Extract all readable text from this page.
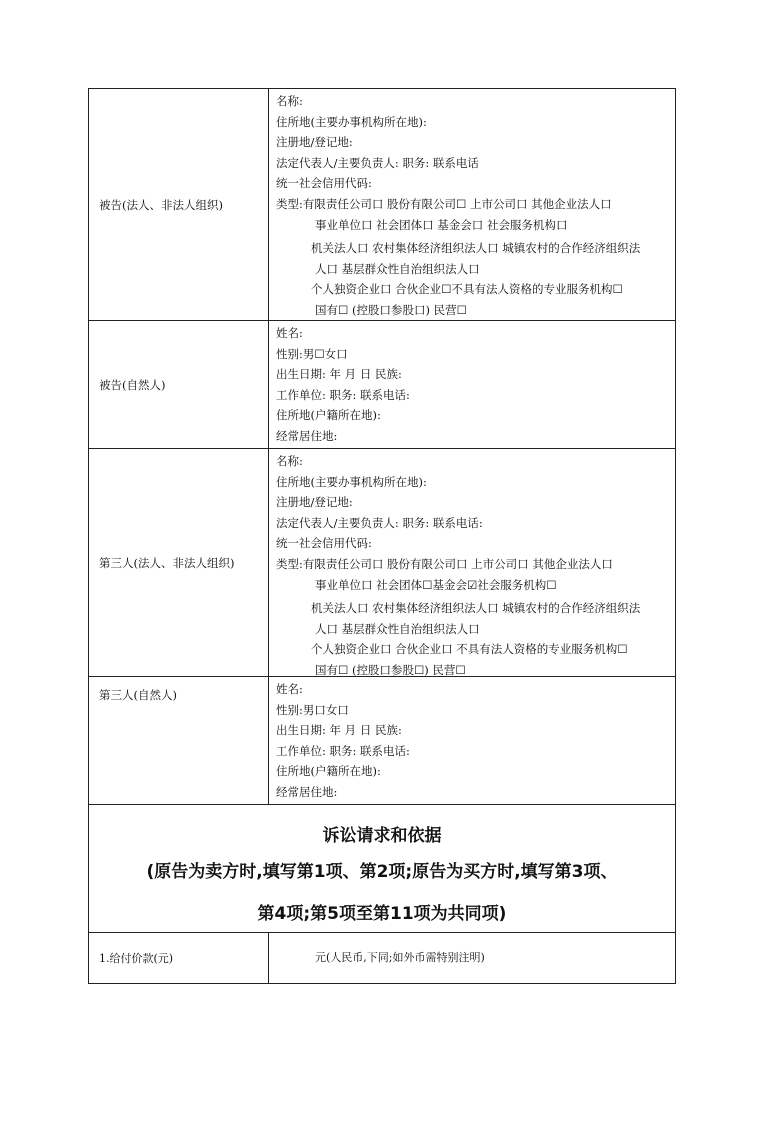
被告(法人、非法人组织)
名称:
住所地(主要办事机构所在地):
注册地/登记地:
法定代表人/主要负责人: 职务: 联系电话
统一社会信用代码:
类型:有限责任公司口 股份有限公司☐ 上市公司口 其他企业法人口
事业单位口 社会团体口 基金会口 社会服务机构口
机关法人口 农村集体经济组织法人口 城镇农村的合作经济组织法
人口 基层群众性自治组织法人口
个人独资企业口 合伙企业☐不具有法人资格的专业服务机构☐
国有☐ (控股口参股口) 民营☐
被告(自然人)
姓名:
性别:男☐女口
出生日期: 年 月 日 民族:
工作单位: 职务: 联系电话:
住所地(户籍所在地):
经常居住地:
第三人(法人、非法人组织)
名称:
住所地(主要办事机构所在地):
注册地/登记地:
法定代表人/主要负责人: 职务: 联系电话:
统一社会信用代码:
类型:有限责任公司口 股份有限公司口 上市公司口 其他企业法人口
事业单位口 社会团体☐基金会☑社会服务机构☐
机关法人口 农村集体经济组织法人口 城镇农村的合作经济组织法
人口 基层群众性自治组织法人口
个人独资企业口 合伙企业口 不具有法人资格的专业服务机构☐
国有☐ (控股口参股☐) 民营☐
第三人(自然人)	姓名:
性别:男口女口
出生日期: 年 月 日 民族:
工作单位: 职务: 联系电话:
住所地(户籍所在地):
经常居住地:
诉讼请求和依据
(原告为卖方时,填写第1项、第2项;原告为买方时,填写第3项、
第4项;第5项至第11项为共同项)
1.给付价款(元)	元(人民币,下同;如外币需特别注明)
